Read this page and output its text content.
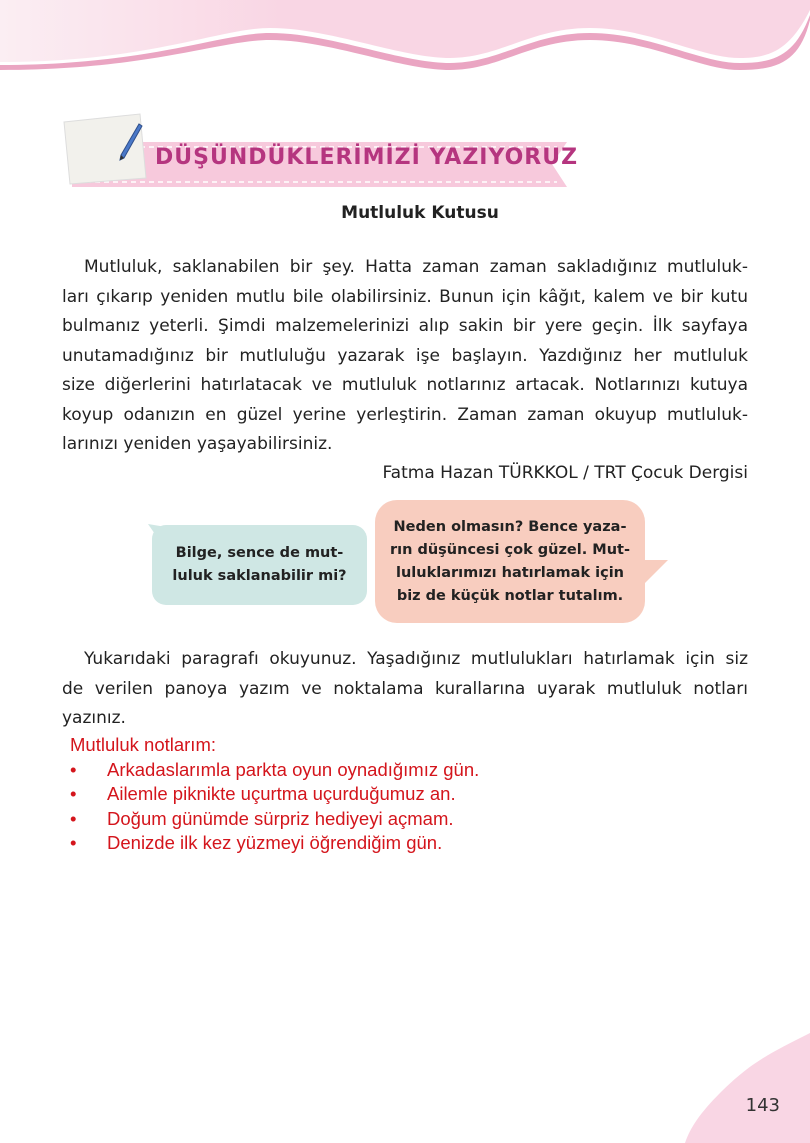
DÜŞÜNDÜKLERİMİZİ YAZIYORUZ
Mutluluk Kutusu
Mutluluk, saklanabilen bir şey. Hatta zaman zaman sakladığınız mutluluk-
ları çıkarıp yeniden mutlu bile olabilirsiniz. Bunun için kâğıt, kalem ve bir kutu
bulmanız yeterli. Şimdi malzemelerinizi alıp sakin bir yere geçin. İlk sayfaya
unutamadığınız bir mutluluğu yazarak işe başlayın. Yazdığınız her mutluluk
size diğerlerini hatırlatacak ve mutluluk notlarınız artacak. Notlarınızı kutuya
koyup odanızın en güzel yerine yerleştirin. Zaman zaman okuyup mutluluk-
larınızı yeniden yaşayabilirsiniz.
Fatma Hazan TÜRKKOL / TRT Çocuk Dergisi
Bilge, sence de mut-
luluk saklanabilir mi?
Neden olmasın? Bence yaza-
rın düşüncesi çok güzel. Mut-
luluklarımızı hatırlamak için
biz de küçük notlar tutalım.
Yukarıdaki paragrafı okuyunuz. Yaşadığınız mutlulukları hatırlamak için siz
de verilen panoya yazım ve noktalama kurallarına uyarak mutluluk notları
yazınız.
Mutluluk notlarım:
•	Arkadaslarımla parkta oyun oynadığımız gün.
•	Ailemle piknikte uçurtma uçurduğumuz an.
•	Doğum günümde sürpriz hediyeyi açmam.
•	Denizde ilk kez yüzmeyi öğrendiğim gün.
143
